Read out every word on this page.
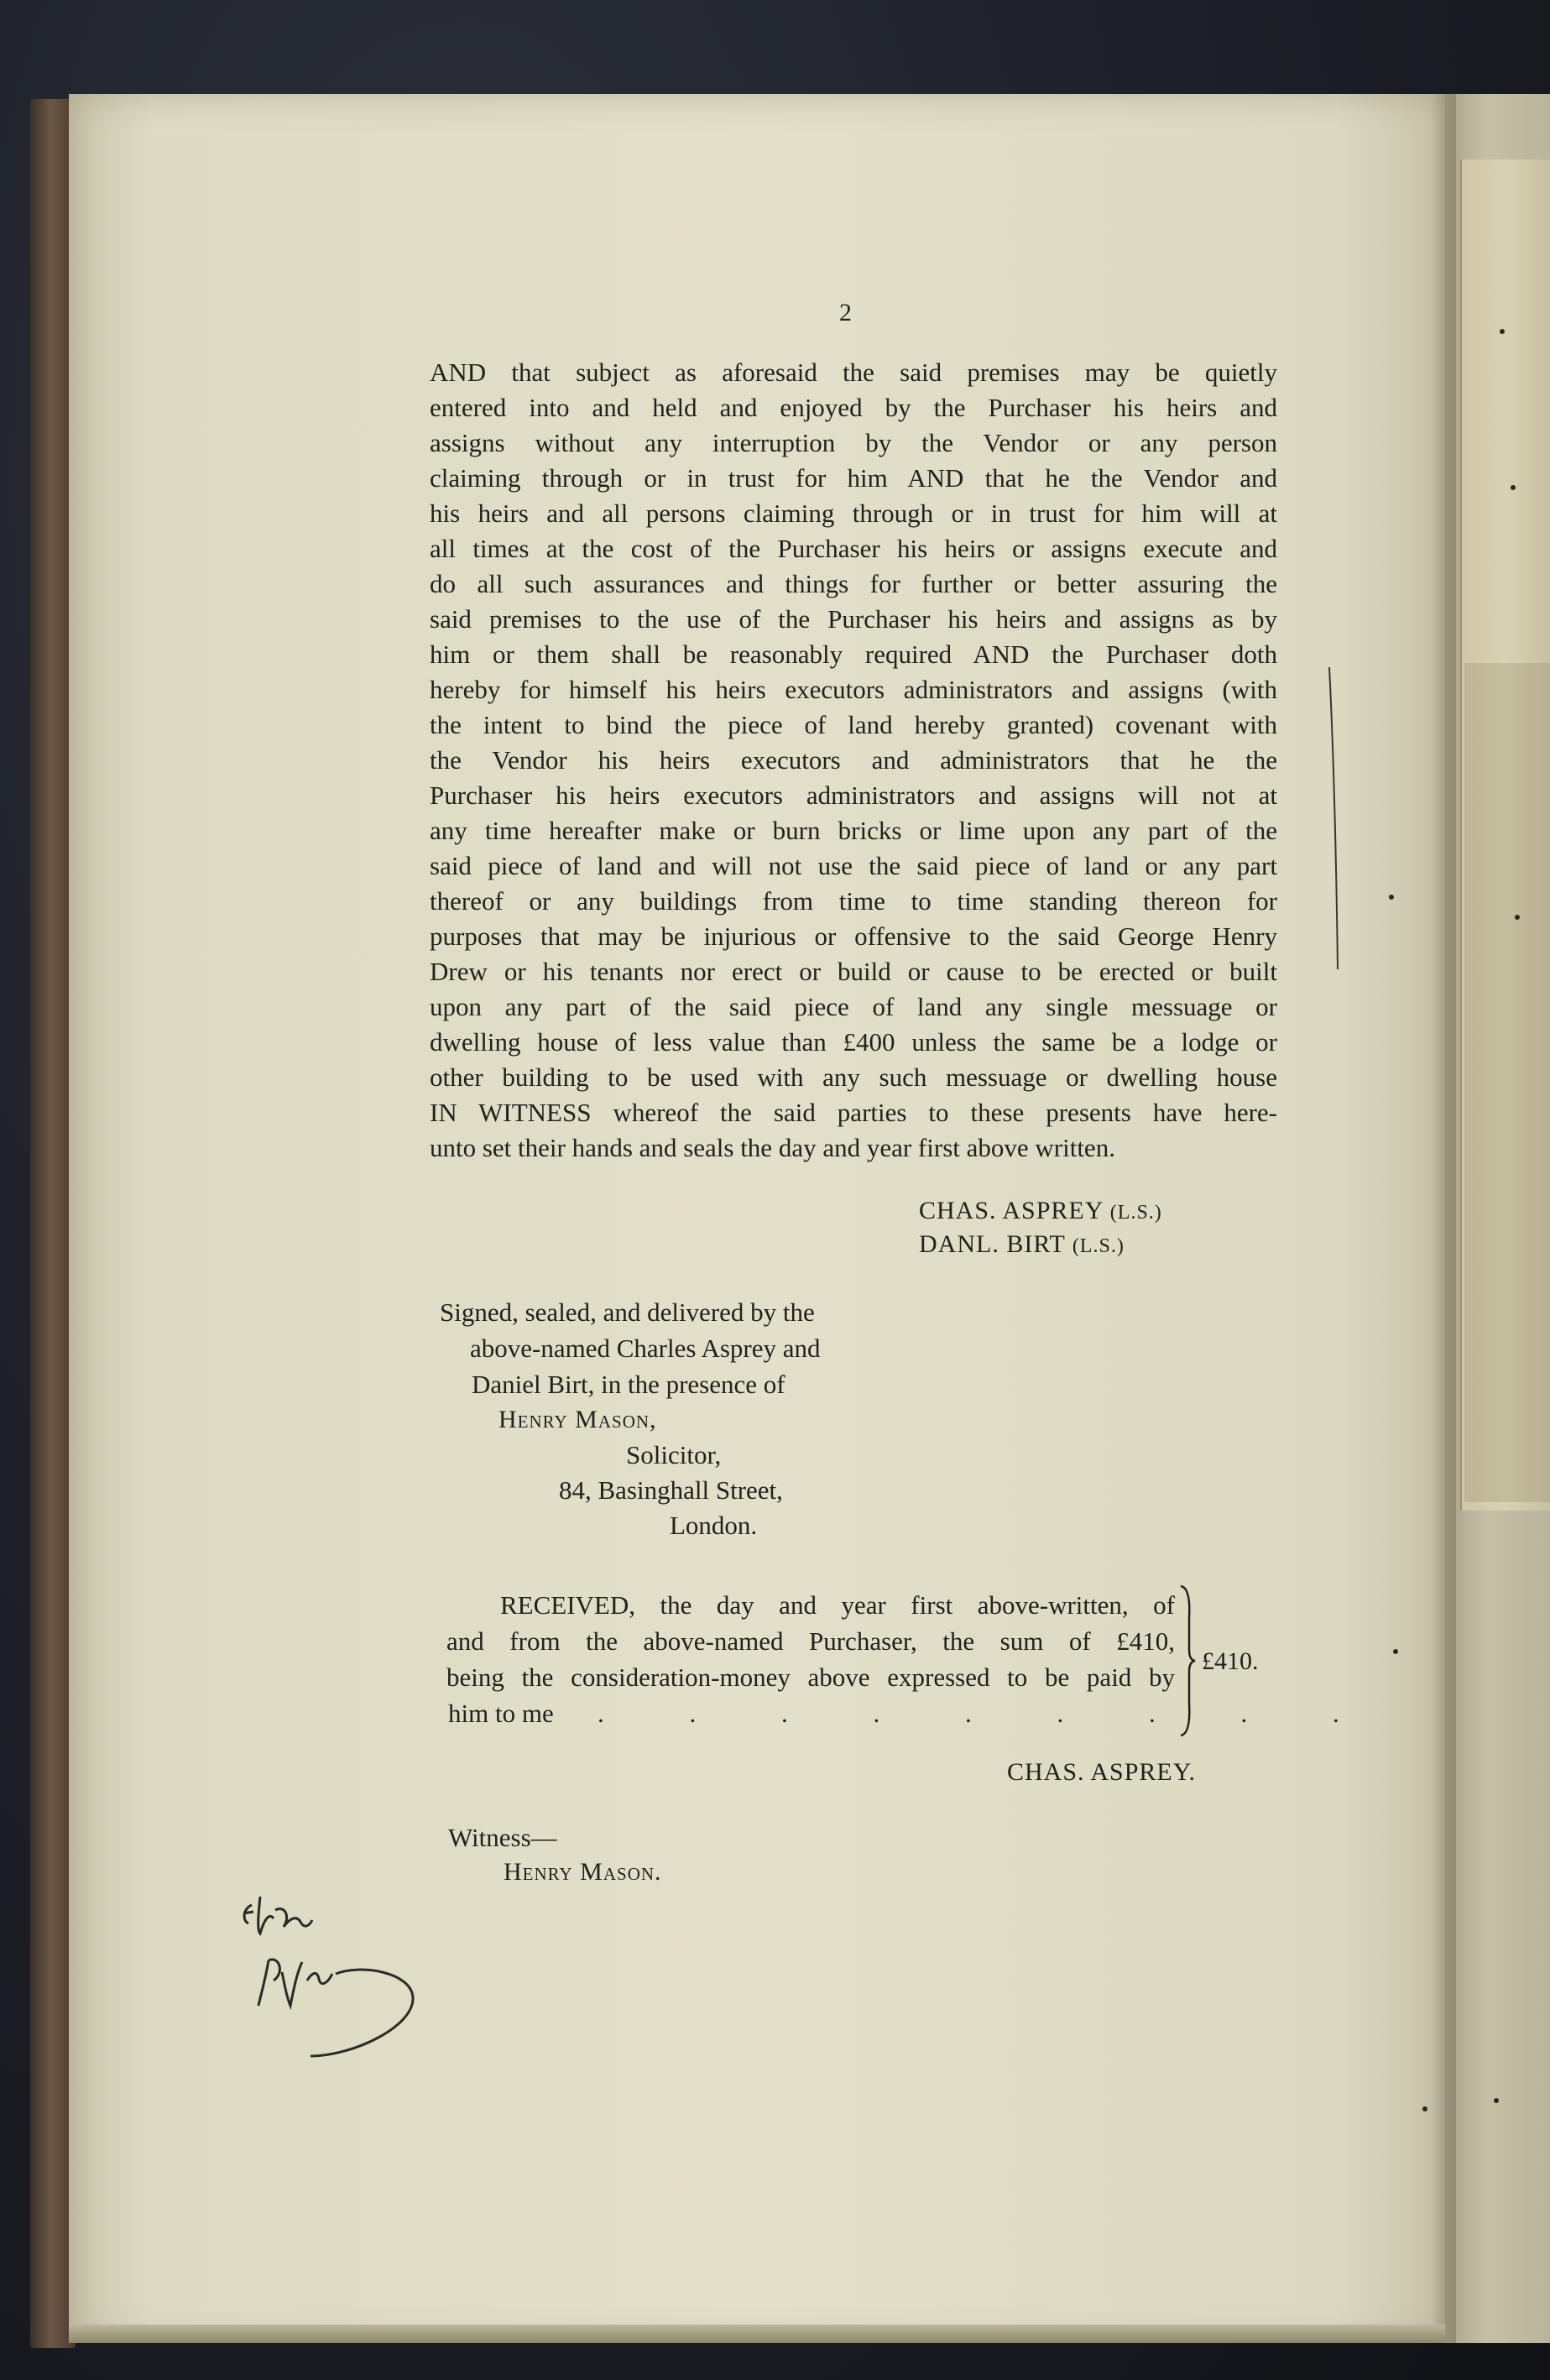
2
AND that subject as aforesaid the said premises may be quietly
entered into and held and enjoyed by the Purchaser his heirs and
assigns without any interruption by the Vendor or any person
claiming through or in trust for him AND that he the Vendor and
his heirs and all persons claiming through or in trust for him will at
all times at the cost of the Purchaser his heirs or assigns execute and
do all such assurances and things for further or better assuring the
said premises to the use of the Purchaser his heirs and assigns as by
him or them shall be reasonably required AND the Purchaser doth
hereby for himself his heirs executors administrators and assigns (with
the intent to bind the piece of land hereby granted) covenant with
the Vendor his heirs executors and administrators that he the
Purchaser his heirs executors administrators and assigns will not at
any time hereafter make or burn bricks or lime upon any part of the
said piece of land and will not use the said piece of land or any part
thereof or any buildings from time to time standing thereon for
purposes that may be injurious or offensive to the said George Henry
Drew or his tenants nor erect or build or cause to be erected or built
upon any part of the said piece of land any single messuage or
dwelling house of less value than £400 unless the same be a lodge or
other building to be used with any such messuage or dwelling house
IN WITNESS whereof the said parties to these presents have here-
unto set their hands and seals the day and year first above written.
CHAS. ASPREY (L.S.)
DANL. BIRT (L.S.)
Signed, sealed, and delivered by the
above-named Charles Asprey and
Daniel Birt, in the presence of
Henry Mason,
Solicitor,
84, Basinghall Street,
London.
RECEIVED, the day and year first above-written, of
and from the above-named Purchaser, the sum of £410,
being the consideration-money above expressed to be paid by
him to me . . . . . . . . .
£410.
CHAS. ASPREY.
Witness—
Henry Mason.
